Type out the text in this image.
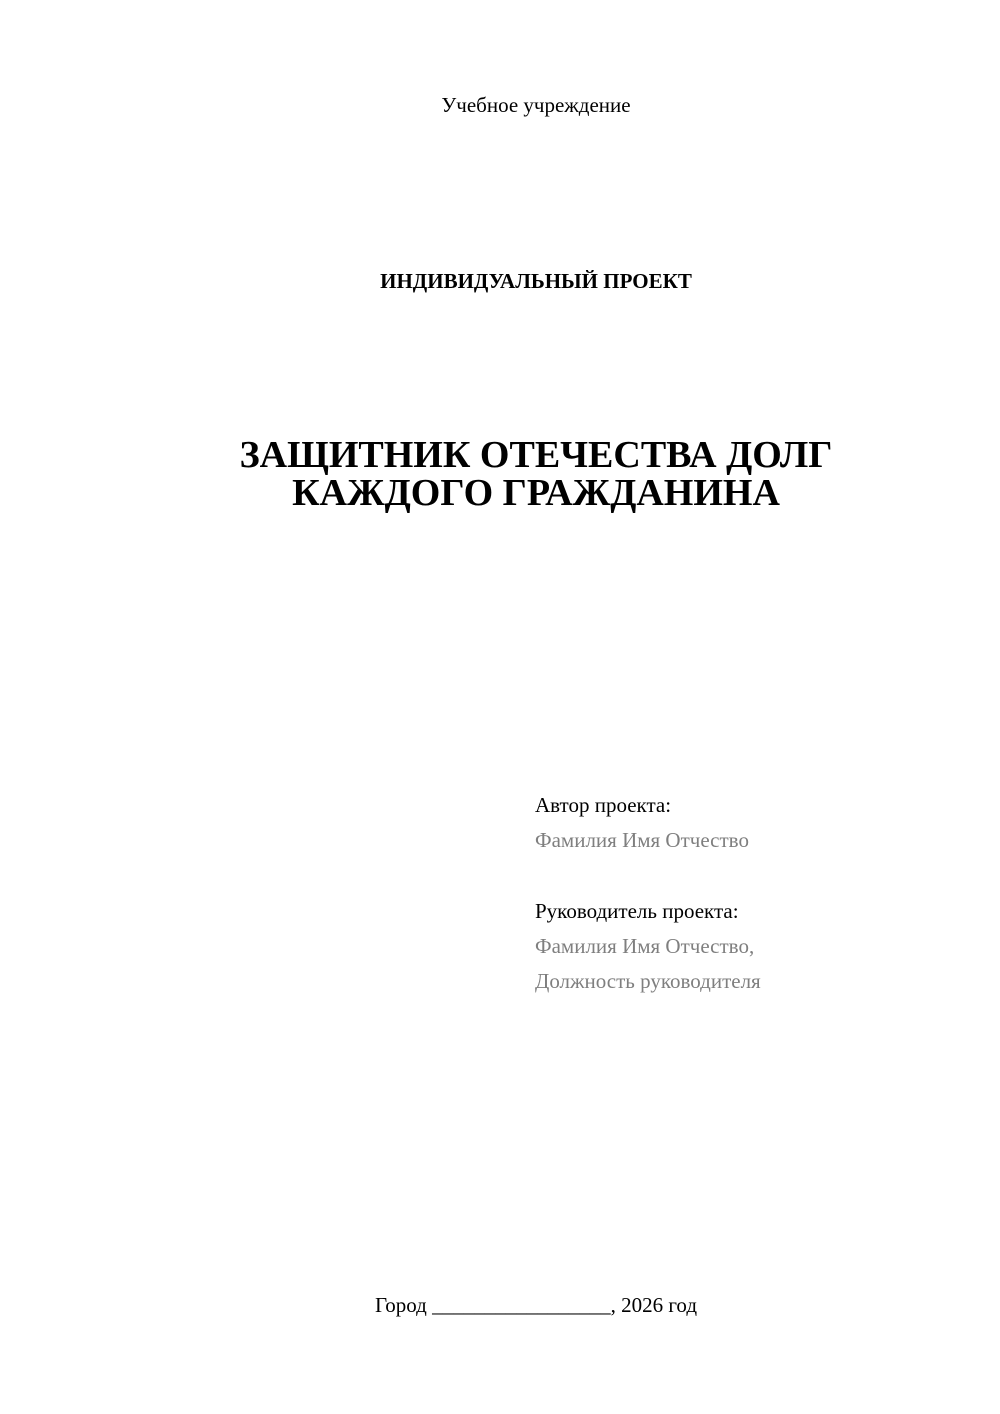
Учебное учреждение
ИНДИВИДУАЛЬНЫЙ ПРОЕКТ
ЗАЩИТНИК ОТЕЧЕСТВА ДОЛГ
КАЖДОГО ГРАЖДАНИНА
Автор проекта:
Фамилия Имя Отчество
Руководитель проекта:
Фамилия Имя Отчество,
Должность руководителя
Город _________________, 2026 год
